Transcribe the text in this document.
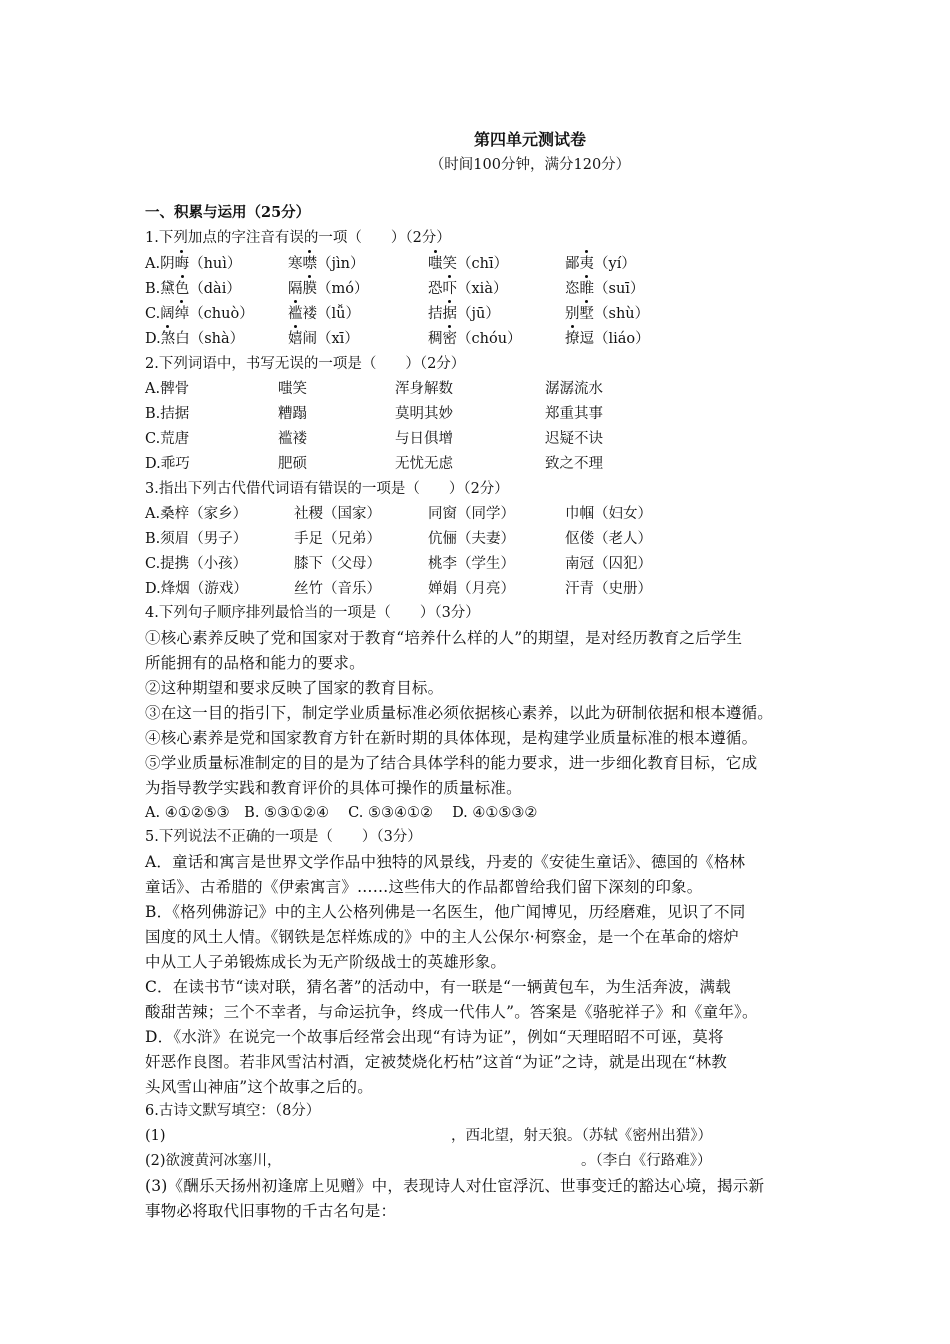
第四单元测试卷
（时间100分钟，满分120分）
一、积累与运用（25分）
1.下列加点的字注音有误的一项（　　）（2分）
A.阴晦（huì）	寒噤（jìn）	嗤笑（chī）	鄙夷（yí）
B.黛色（dài）	隔膜（mó）	恐吓（xià）	恣睢（suī）
C.阔绰（chuò） 褴褛（lǚ）	拮据（jū）	别墅（shù）
D.煞白（shà）	嬉闹（xī）	稠密（chóu）	撩逗（liáo）
2.下列词语中，书写无误的一项是（　　）（2分）
A.髀骨	嗤笑	浑身解数	潺潺流水
B.拮据	糟蹋	莫明其妙	郑重其事
C.荒唐	褴褛	与日俱增	迟疑不诀
D.乖巧	肥硕	无忧无虑	致之不理
3.指出下列古代借代词语有错误的一项是（　　）（2分）
A.桑梓（家乡）	社稷（国家）	同窗（同学）	巾帼（妇女）
B.须眉（男子）	手足（兄弟）	伉俪（夫妻）	伛偻（老人）
C.提携（小孩）	膝下（父母）	桃李（学生）	南冠（囚犯）
D.烽烟（游戏）	丝竹（音乐）	婵娟（月亮）	汗青（史册）
4.下列句子顺序排列最恰当的一项是（　　）（3分）
①核心素养反映了党和国家对于教育“培养什么样的人”的期望，是对经历教育之后学生
所能拥有的品格和能力的要求。
②这种期望和要求反映了国家的教育目标。
③在这一目的指引下，制定学业质量标准必须依据核心素养，以此为研制依据和根本遵循。
④核心素养是党和国家教育方针在新时期的具体体现，是构建学业质量标准的根本遵循。
⑤学业质量标准制定的目的是为了结合具体学科的能力要求，进一步细化教育目标，它成
为指导教学实践和教育评价的具体可操作的质量标准。
A. ④①②⑤③　B. ⑤③①②④　 C. ⑤③④①②　 D. ④①⑤③②
5.下列说法不正确的一项是（　　）（3分）
A．童话和寓言是世界文学作品中独特的风景线，丹麦的《安徒生童话》、德国的《格林
童话》、古希腊的《伊索寓言》……这些伟大的作品都曾给我们留下深刻的印象。
B．《格列佛游记》中的主人公格列佛是一名医生，他广闻博见，历经磨难，见识了不同
国度的风土人情。《钢铁是怎样炼成的》中的主人公保尔·柯察金，是一个在革命的熔炉
中从工人子弟锻炼成长为无产阶级战士的英雄形象。
C．在读书节“读对联，猜名著”的活动中，有一联是“一辆黄包车，为生活奔波，满载
酸甜苦辣；三个不幸者，与命运抗争，终成一代伟人”。答案是《骆驼祥子》和《童年》。
D．《水浒》在说完一个故事后经常会出现“有诗为证”，例如“天理昭昭不可诬，莫将
奸恶作良图。若非风雪沽村酒，定被焚烧化朽枯”这首“为证”之诗，就是出现在“林教
头风雪山神庙”这个故事之后的。
6.古诗文默写填空：（8分）
(1)	，西北望，射天狼。（苏轼《密州出猎》）
(2)欲渡黄河冰塞川，	。（李白《行路难》）
(3)《酬乐天扬州初逢席上见赠》中，表现诗人对仕宦浮沉、世事变迁的豁达心境，揭示新
事物必将取代旧事物的千古名句是：
